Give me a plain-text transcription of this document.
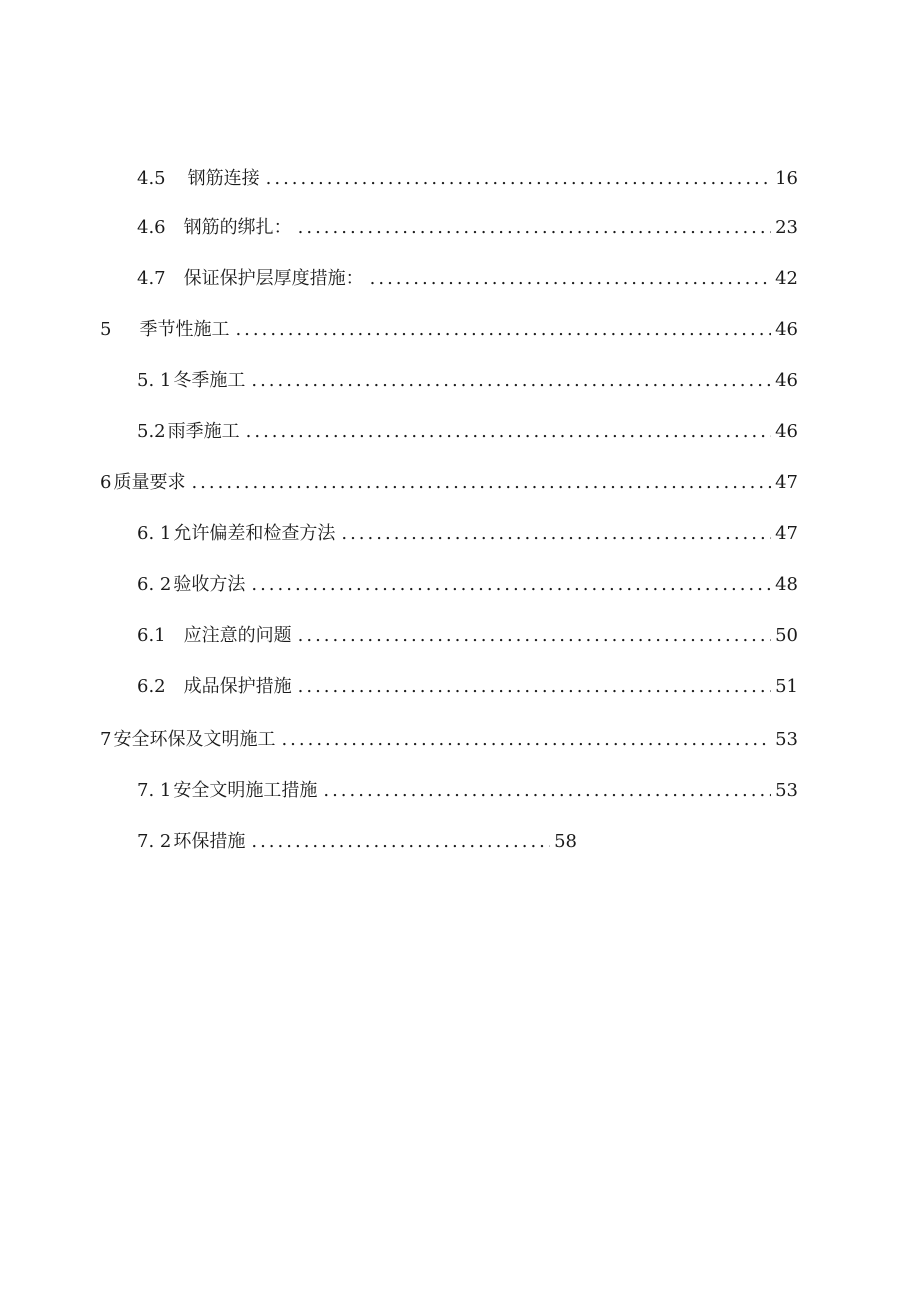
4.5 钢筋连接 .....	16
4.6 钢筋的绑扎： .....	23
4.7 保证保护层厚度措施： .....	42
5 季节性施工 .....	46
5. 1 冬季施工 .....	46
5.2 雨季施工 .....	46
6 质量要求 .....	47
6. 1 允许偏差和检查方法 .....	47
6. 2 验收方法 .....	48
6.1 应注意的问题 .....	50
6.2 成品保护措施 .....	51
7 安全环保及文明施工 .....	53
7. 1 安全文明施工措施 .....	53
7. 2 环保措施 .....	58
